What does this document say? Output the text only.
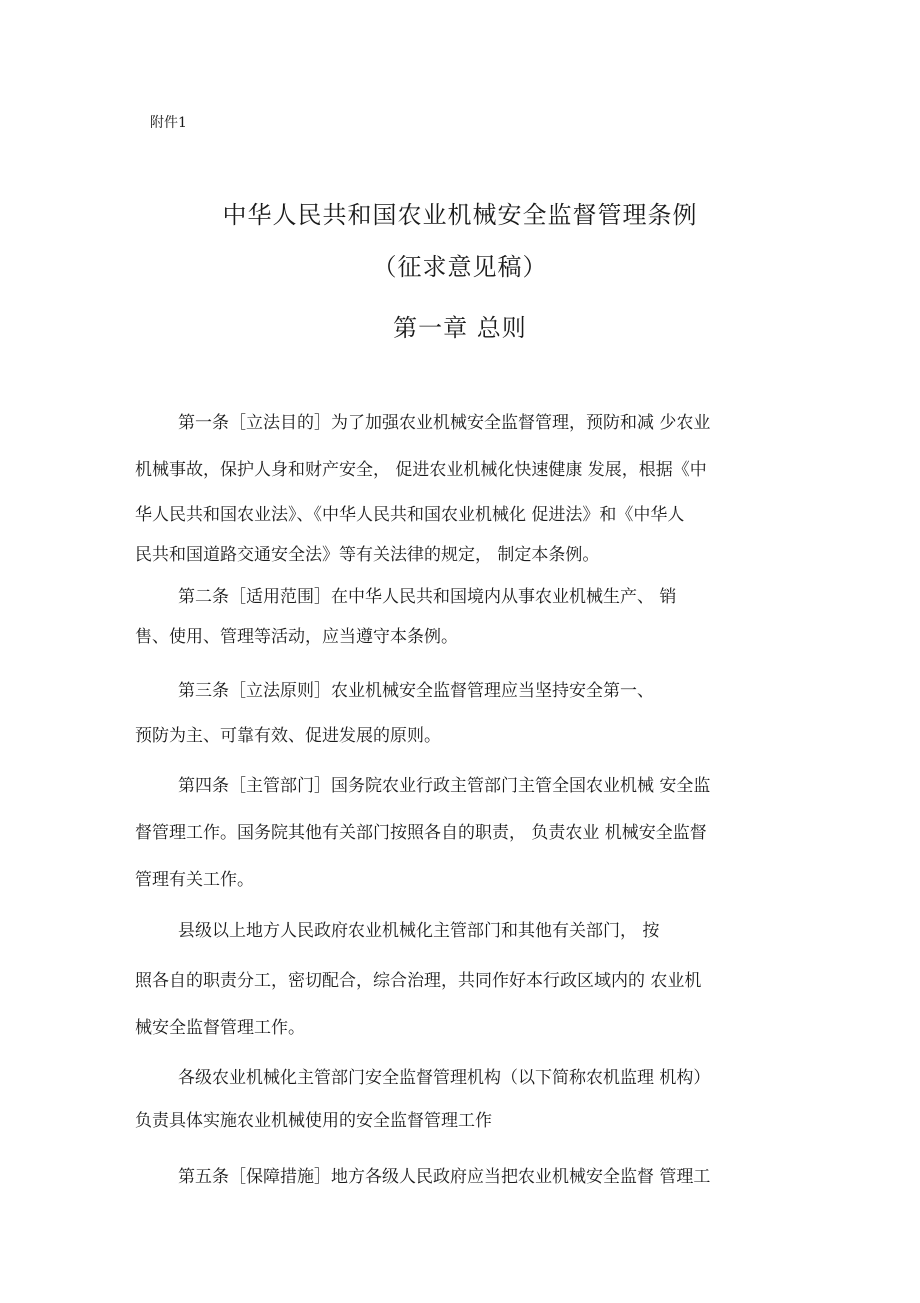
附件1
中华人民共和国农业机械安全监督管理条例
（征求意见稿）
第一章 总则
第一条［立法目的］为了加强农业机械安全监督管理，预防和减 少农业
机械事故，保护人身和财产安全， 促进农业机械化快速健康 发展，根据《中
华人民共和国农业法》、《中华人民共和国农业机械化 促进法》和《中华人
民共和国道路交通安全法》等有关法律的规定， 制定本条例。
第二条［适用范围］在中华人民共和国境内从事农业机械生产、 销
售、使用、管理等活动，应当遵守本条例。
第三条［立法原则］农业机械安全监督管理应当坚持安全第一、
预防为主、可靠有效、促进发展的原则。
第四条［主管部门］国务院农业行政主管部门主管全国农业机械 安全监
督管理工作。国务院其他有关部门按照各自的职责， 负责农业 机械安全监督
管理有关工作。
县级以上地方人民政府农业机械化主管部门和其他有关部门， 按
照各自的职责分工，密切配合，综合治理，共同作好本行政区域内的 农业机
械安全监督管理工作。
各级农业机械化主管部门安全监督管理机构（以下简称农机监理 机构）
负责具体实施农业机械使用的安全监督管理工作
第五条［保障措施］地方各级人民政府应当把农业机械安全监督 管理工
